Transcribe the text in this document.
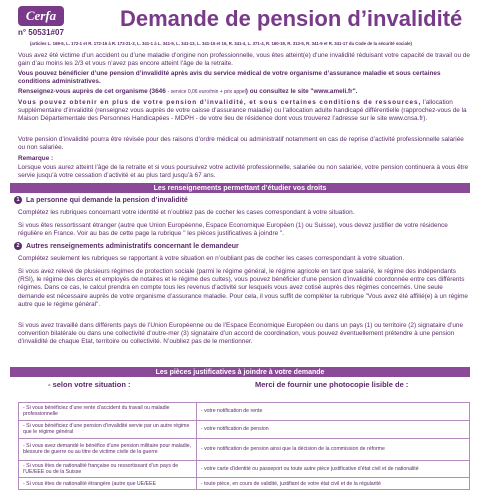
Cerfa
n° 50531#07
Demande de pension d’invalidité
(articles L. 169-5, L. 172-1 et R. 172-16 à R. 172-21-3, L. 341-1 à L. 341-5, L. 341-13, L. 341-15 et 16, R. 341-4, L. 371-4, R. 160-19, R. 313-5, R. 341-9 et R. 341-17 du Code de la sécurité sociale)
Vous avez été victime d’un accident ou d’une maladie d’origine non professionnelle, vous êtes atteint(e) d’une invalidité réduisant votre capacité de travail ou de gain d’au moins les 2/3 et vous n’avez pas encore atteint l’âge de la retraite.
Vous pouvez bénéficier d’une pension d’invalidité après avis du service médical de votre organisme d’assurance maladie et sous certaines conditions administratives.
Renseignez-vous auprès de cet organisme (3646 - service 0,06 euro/min + prix appel) ou consultez le site "www.ameli.fr".
Vous pouvez obtenir en plus de votre pension d’invalidité, et sous certaines conditions de ressources, l’allocation supplémentaire d’invalidité (renseignez vous auprès de votre caisse d’assurance maladie) ou l’allocation adulte handicapé différentielle (rapprochez-vous de la Maison Départementale des Personnes Handicapées - MDPH - de votre lieu de résidence dont vous trouverez l’adresse sur le site www.cnsa.fr).
Votre pension d’invalidité pourra être révisée pour des raisons d’ordre médical ou administratif notamment en cas de reprise d’activité professionnelle salariée ou non salariée.
Remarque :
Lorsque vous aurez atteint l’âge de la retraite et si vous poursuivez votre activité professionnelle, salariée ou non salariée, votre pension continuera à vous être servie jusqu’à votre cessation d’activité et au plus tard jusqu’à 67 ans.
Les renseignements permettant d’étudier vos droits
1 La personne qui demande la pension d’invalidité
Complétez les rubriques concernant votre identité et n’oubliez pas de cocher les cases correspondant à votre situation.
Si vous êtes ressortissant étranger (autre que Union Européenne, Espace Economique Européen (1) ou Suisse), vous devez justifier de votre résidence régulière en France. Voir au bas de cette page la rubrique " les pièces justificatives à joindre ".
2 Autres renseignements administratifs concernant le demandeur
Complétez seulement les rubriques se rapportant à votre situation en n’oubliant pas de cocher les cases correspondant à votre situation.
Si vous avez relevé de plusieurs régimes de protection sociale (parmi le régime général, le régime agricole en tant que salarié, le régime des indépendants (RSI), le régime des clercs et employés de notaires et le régime des cultes), vous pouvez bénéficier d’une pension d’invalidité coordonnée entre ces différents régimes. Dans ce cas, le calcul prendra en compte tous les revenus d’activité sur lesquels vous avez cotisé auprès des régimes concernés. Une seule demande est nécessaire auprès de votre organisme d’assurance maladie. Pour cela, il vous suffit de compléter la rubrique "Vous avez été affilié(e) à un régime autre que le régime général".
Si vous avez travaillé dans différents pays de l’Union Européenne ou de l’Espace Economique Européen ou dans un pays (1) ou territoire (2) signataire d’une convention bilatérale ou dans une collectivité d’outre-mer (3) signataire d’un accord de coordination, vous pouvez éventuellement prétendre à une pension d’invalidité de chaque Etat, territoire ou collectivité. N’oubliez pas de le mentionner.
Les pièces justificatives à joindre à votre demande
- selon votre situation :	Merci de fournir une photocopie lisible de :
- Si vous bénéficiez d’une rente d’accident du travail ou maladie professionnelle	- votre notification de rente
- Si vous bénéficiez d’une pension d’invalidité servie par un autre régime que le régime général	- votre notification de pension
- Si vous avez demandé le bénéfice d’une pension militaire pour maladie, blessure de guerre ou au titre de victime civile de la guerre	- votre notification de pension ainsi que la décision de la commission de réforme
- Si vous êtes de nationalité française ou ressortissant d’un pays de l’UE/EEE ou de la Suisse	- votre carte d’identité ou passeport ou toute autre pièce justificative d’état civil et de nationalité
- Si vous êtes de nationalité étrangère (autre que UE/EEE	- toute pièce, en cours de validité, justifiant de votre état civil et de la régularité
